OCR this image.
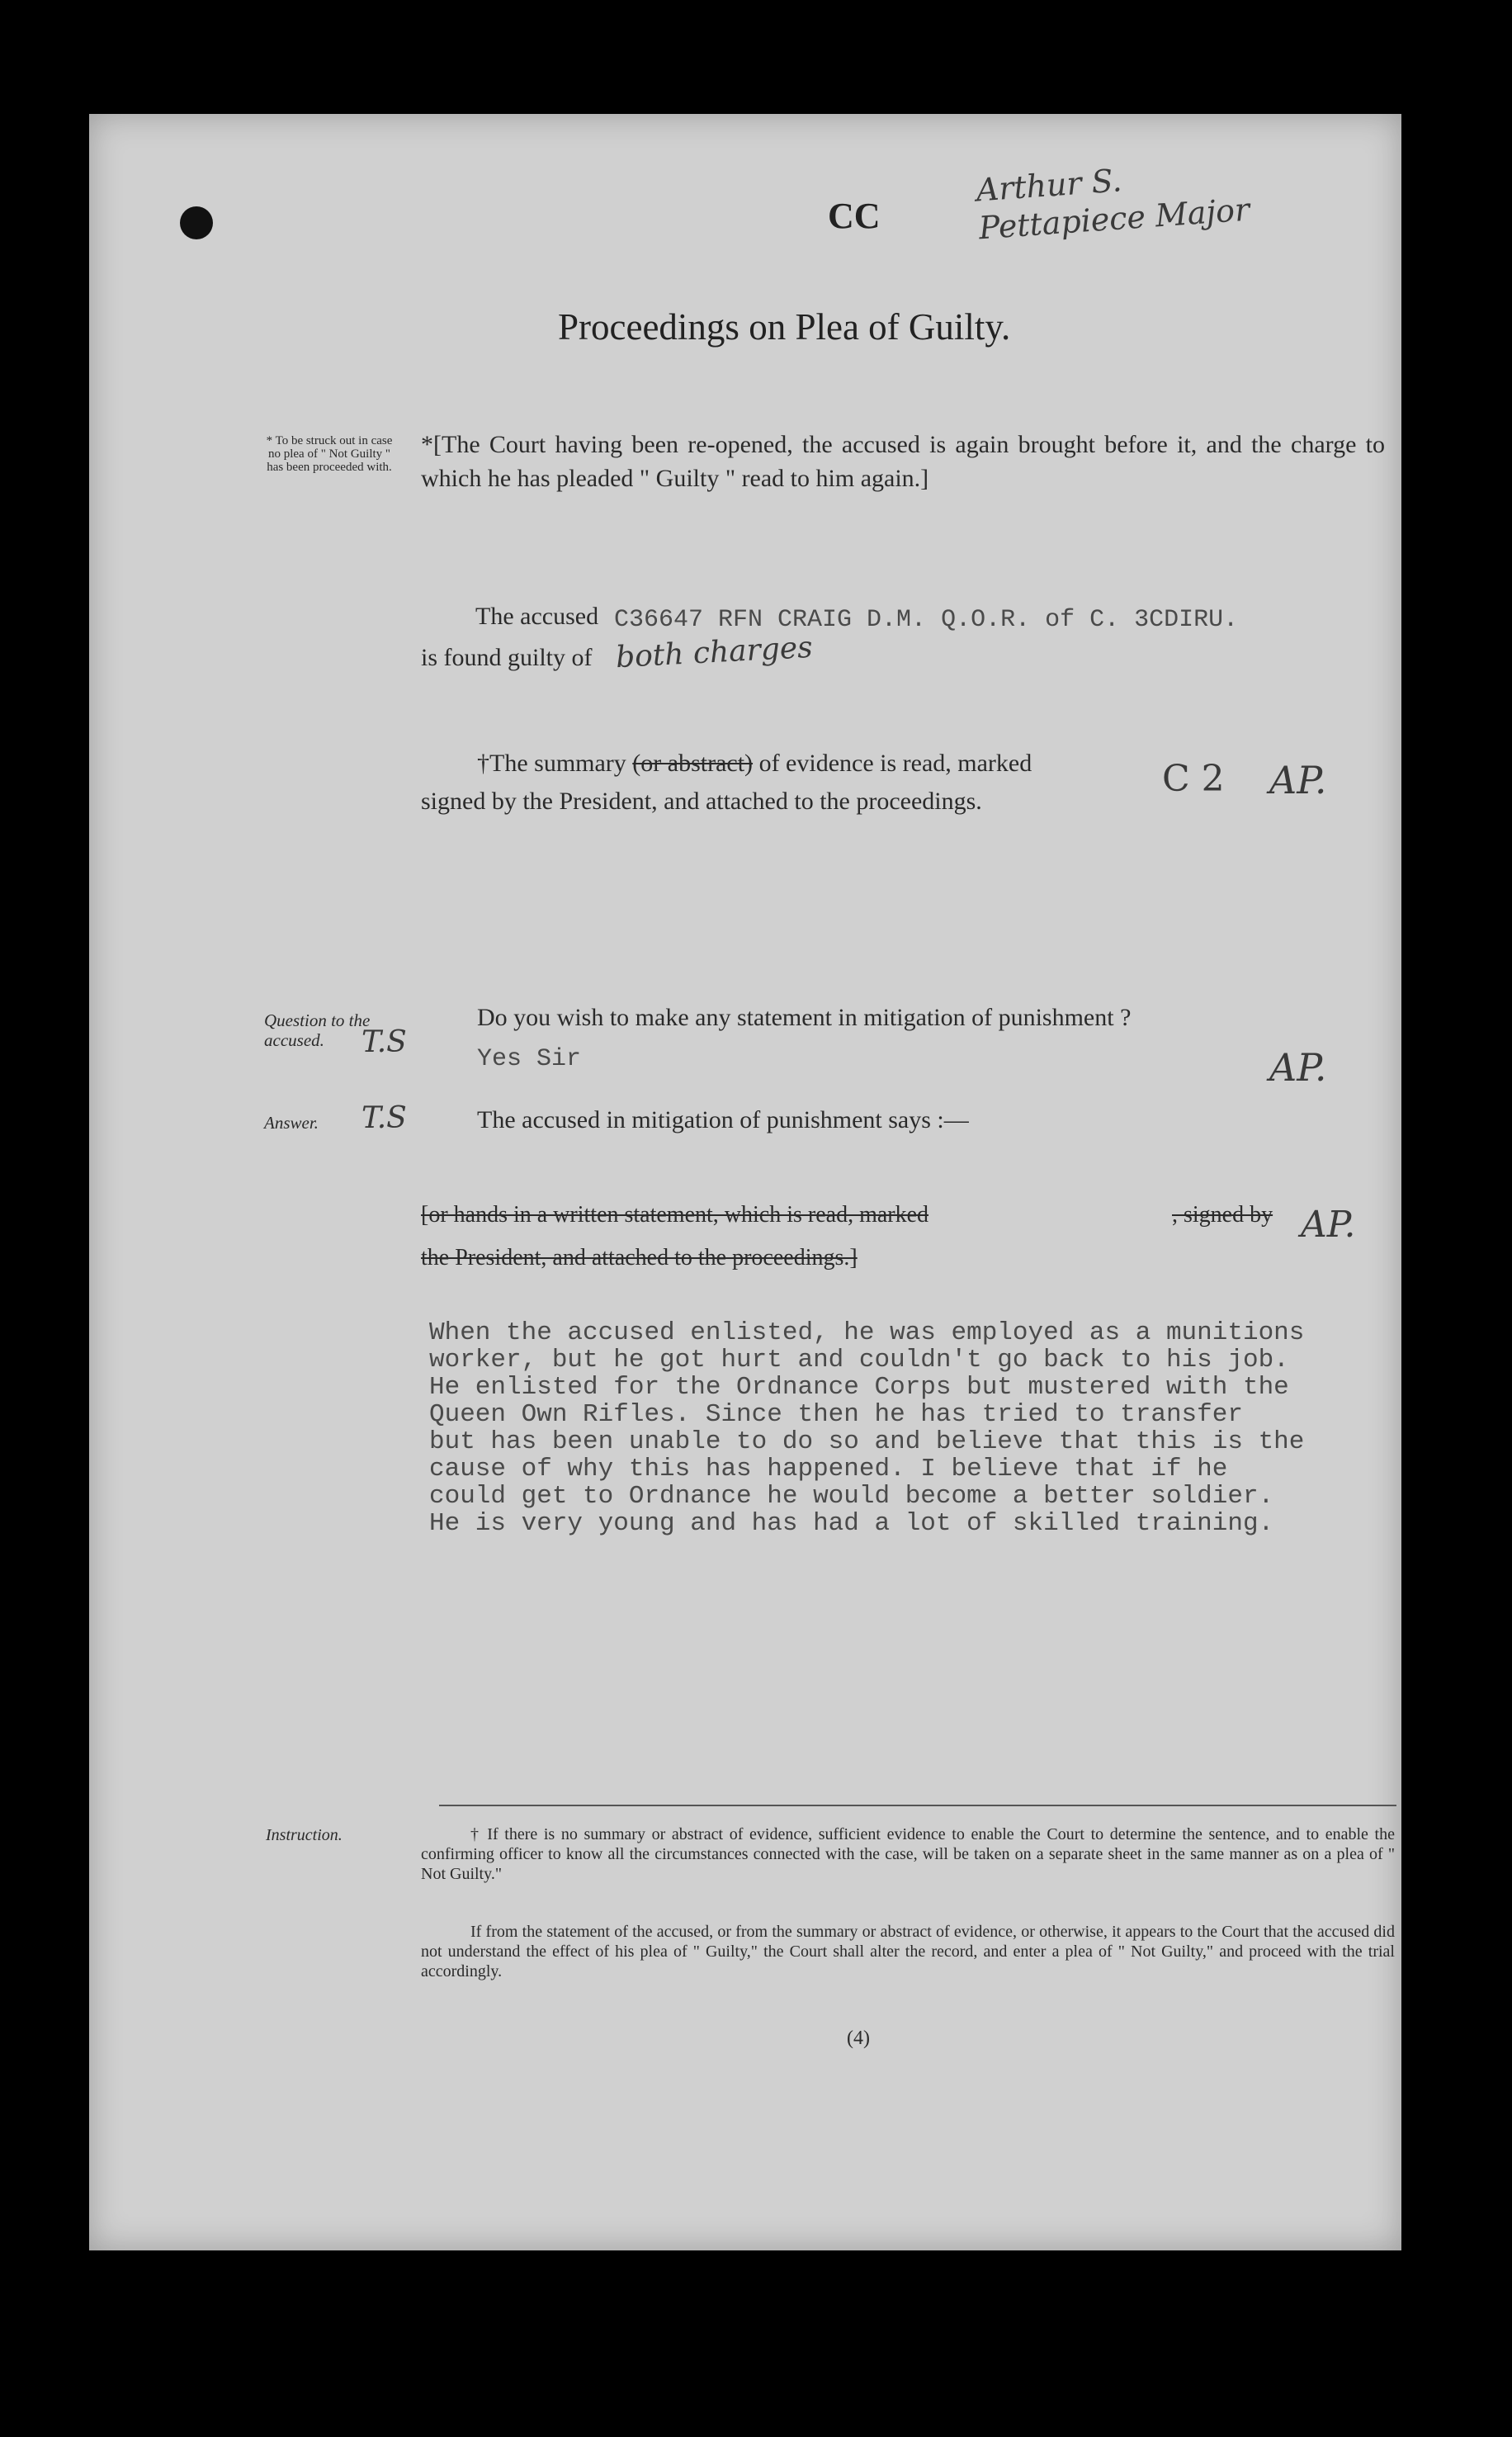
CC
Arthur S. Pettapiece Major
Proceedings on Plea of Guilty.
* To be struck out in case no plea of " Not Guilty " has been proceeded with.
*[The Court having been re-opened, the accused is again brought before it, and the charge to which he has pleaded " Guilty " read to him again.]
The accused C36647 RFN CRAIG D.M. Q.O.R. of C. 3CDIRU.
is found guilty of both charges
†The summary (or abstract) of evidence is read, marked
signed by the President, and attached to the proceedings.
C 2 AP.
Question to the accused.	T.S
Do you wish to make any statement in mitigation of punishment ?
Yes Sir	AP.
Answer. T.S	The accused in mitigation of punishment says :—
[or hands in a written statement, which is read, marked	, signed by
the President, and attached to the proceedings.]
AP.
When the accused enlisted, he was employed as a munitions
worker, but he got hurt and couldn't go back to his job.
He enlisted for the Ordnance Corps but mustered with the
Queen Own Rifles. Since then he has tried to transfer
but has been unable to do so and believe that this is the
cause of why this has happened. I believe that if he
could get to Ordnance he would become a better soldier.
He is very young and has had a lot of skilled training.
Instruction.	† If there is no summary or abstract of evidence, sufficient evidence to enable the Court to determine the sentence, and to enable the confirming officer to know all the circumstances connected with the case, will be taken on a separate sheet in the same manner as on a plea of " Not Guilty."
If from the statement of the accused, or from the summary or abstract of evidence, or otherwise, it appears to the Court that the accused did not understand the effect of his plea of " Guilty," the Court shall alter the record, and enter a plea of " Not Guilty," and proceed with the trial accordingly.
(4)
